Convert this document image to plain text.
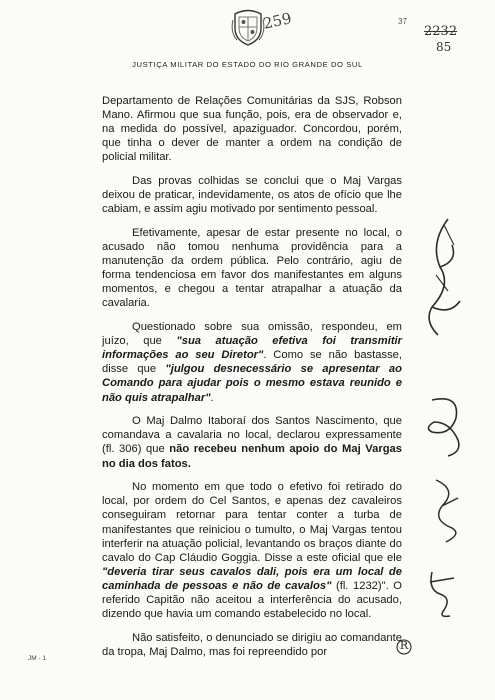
259	37
2232
85
JUSTIÇA MILITAR DO ESTADO DO RIO GRANDE DO SUL

Departamento de Relações Comunitárias da SJS, Robson Mano. Afirmou que sua função, pois, era de observador e, na medida do possível, apaziguador. Concordou, porém, que tinha o dever de manter a ordem na condição de policial militar.

Das provas colhidas se conclui que o Maj Vargas deixou de praticar, indevidamente, os atos de ofício que lhe cabiam, e assim agiu motivado por sentimento pessoal.

Efetivamente, apesar de estar presente no local, o acusado não tomou nenhuma providência para a manutenção da ordem pública. Pelo contrário, agiu de forma tendenciosa em favor dos manifestantes em alguns momentos, e chegou a tentar atrapalhar a atuação da cavalaria.

Questionado sobre sua omissão, respondeu, em juízo, que "sua atuação efetiva foi transmitir informações ao seu Diretor". Como se não bastasse, disse que "julgou desnecessário se apresentar ao Comando para ajudar pois o mesmo estava reunido e não quis atrapalhar".

O Maj Dalmo Itaboraí dos Santos Nascimento, que comandava a cavalaria no local, declarou expressamente (fl. 306) que não recebeu nenhum apoio do Maj Vargas no dia dos fatos.

No momento em que todo o efetivo foi retirado do local, por ordem do Cel Santos, e apenas dez cavaleiros conseguiram retornar para tentar conter a turba de manifestantes que reiniciou o tumulto, o Maj Vargas tentou interferir na atuação policial, levantando os braços diante do cavalo do Cap Cláudio Goggia. Disse a este oficial que ele "deveria tirar seus cavalos dali, pois era um local de caminhada de pessoas e não de cavalos" (fl. 1232)". O referido Capitão não aceitou a interferência do acusado, dizendo que havia um comando estabelecido no local.

Não satisfeito, o denunciado se dirigiu ao comandante da tropa, Maj Dalmo, mas foi repreendido por	R
JM - 1
